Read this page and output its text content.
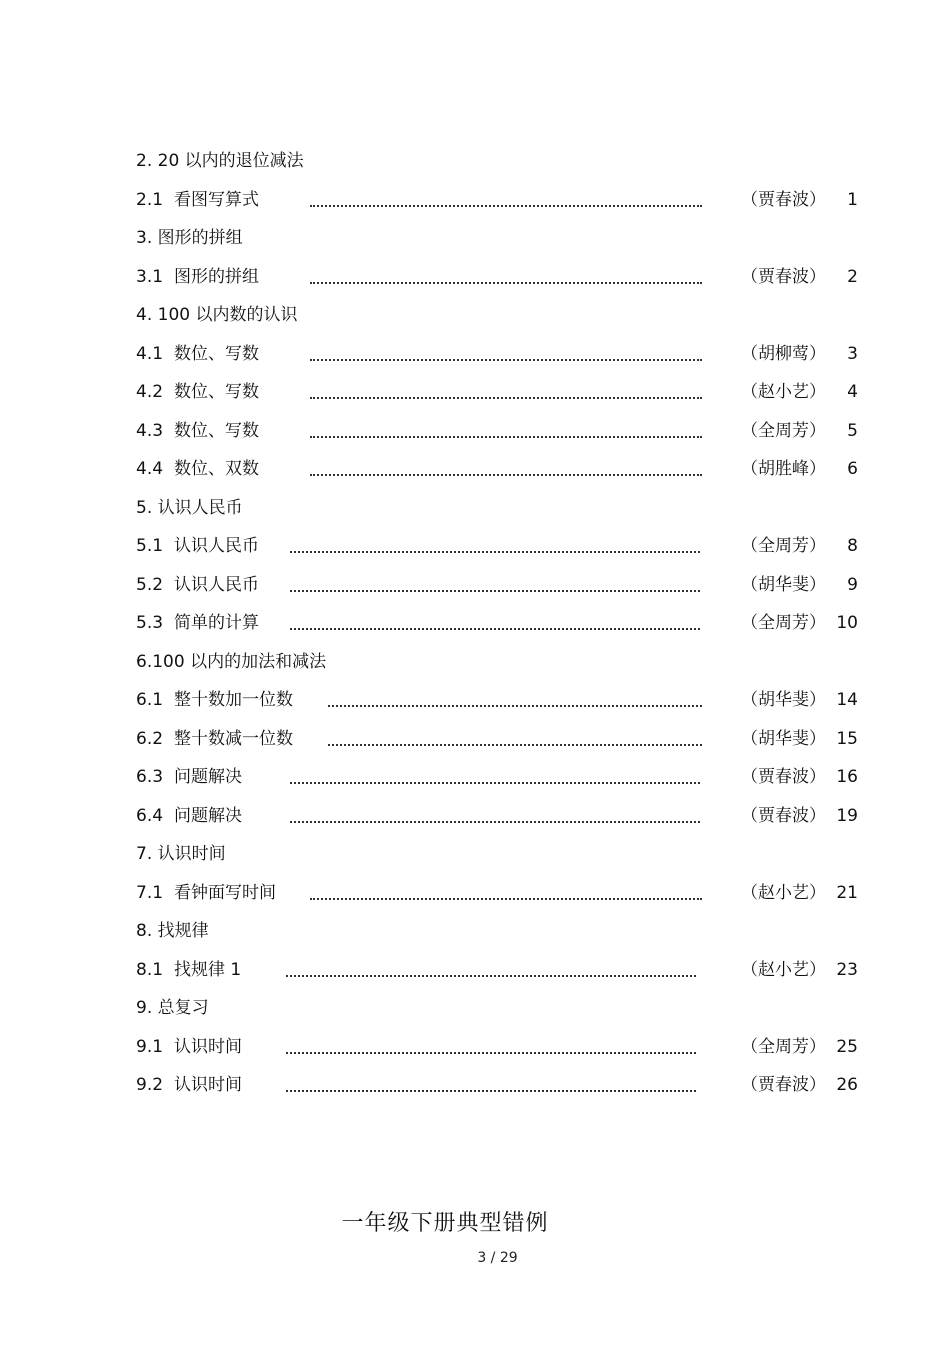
2. 20 以内的退位减法
2.1 看图写算式	（贾春波）	1
3. 图形的拼组
3.1 图形的拼组	（贾春波）	2
4. 100 以内数的认识
4.1 数位、写数	（胡柳莺）	3
4.2 数位、写数	（赵小艺）	4
4.3 数位、写数	（全周芳）	5
4.4 数位、双数	（胡胜峰）	6
5. 认识人民币
5.1 认识人民币	（全周芳）	8
5.2 认识人民币	（胡华斐）	9
5.3 简单的计算	（全周芳） 10
6.100 以内的加法和减法
6.1 整十数加一位数	（胡华斐） 14
6.2 整十数减一位数	（胡华斐） 15
6.3 问题解决	（贾春波） 16
6.4 问题解决	（贾春波） 19
7. 认识时间
7.1 看钟面写时间	（赵小艺） 21
8. 找规律
8.1 找规律 1	（赵小艺） 23
9. 总复习
9.1 认识时间	（全周芳） 25
9.2 认识时间	（贾春波） 26
一年级下册典型错例
3 / 29
